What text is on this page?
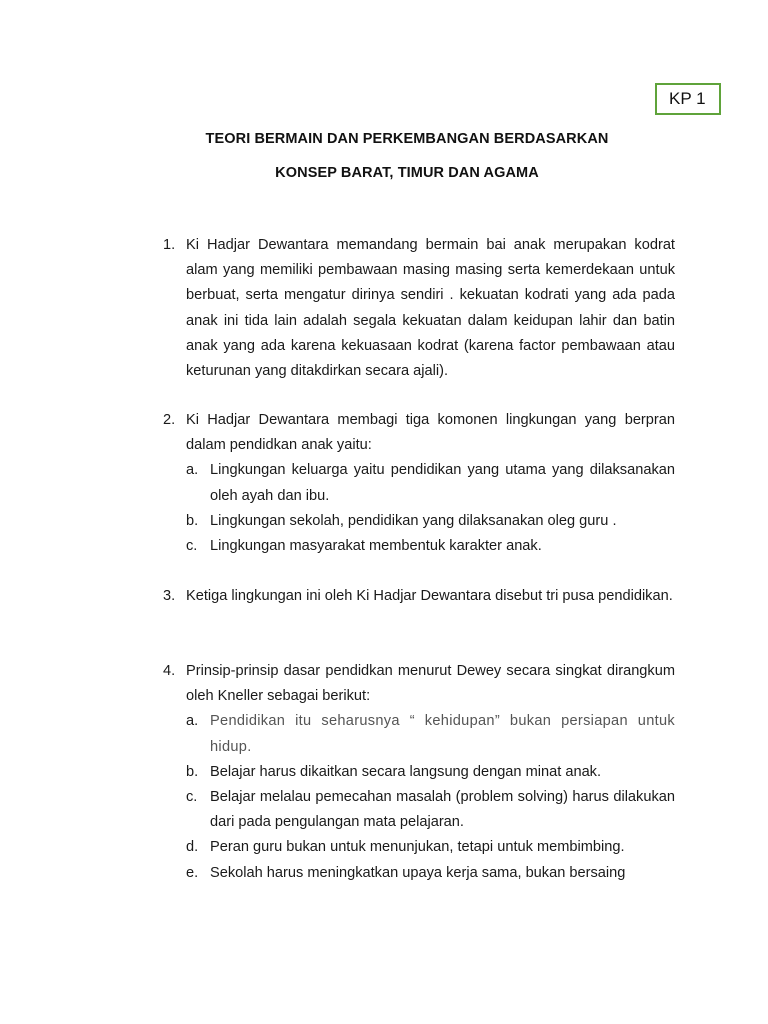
KP 1
TEORI BERMAIN DAN PERKEMBANGAN BERDASARKAN
KONSEP BARAT, TIMUR DAN AGAMA
1. Ki Hadjar Dewantara memandang bermain bai anak merupakan kodrat alam yang memiliki pembawaan masing masing serta kemerdekaan untuk berbuat, serta mengatur dirinya sendiri . kekuatan kodrati yang ada pada anak ini tida lain adalah segala kekuatan dalam keidupan lahir dan batin anak yang ada karena kekuasaan kodrat (karena factor pembawaan atau keturunan yang ditakdirkan secara ajali).
2. Ki Hadjar Dewantara membagi tiga komonen lingkungan yang berpran dalam pendidkan anak yaitu:
a. Lingkungan keluarga yaitu pendidikan yang utama yang dilaksanakan oleh ayah dan ibu.
b. Lingkungan sekolah, pendidikan yang dilaksanakan oleg guru .
c. Lingkungan masyarakat membentuk karakter anak.
3. Ketiga lingkungan ini oleh Ki Hadjar Dewantara disebut tri pusa pendidikan.
4. Prinsip-prinsip dasar pendidkan menurut Dewey secara singkat dirangkum oleh Kneller sebagai berikut:
a. Pendidikan itu seharusnya “ kehidupan” bukan persiapan untuk hidup.
b. Belajar harus dikaitkan secara langsung dengan minat anak.
c. Belajar melalau pemecahan masalah (problem solving) harus dilakukan dari pada pengulangan mata pelajaran.
d. Peran guru bukan untuk menunjukan, tetapi untuk membimbing.
e. Sekolah harus meningkatkan upaya kerja sama, bukan bersaing
